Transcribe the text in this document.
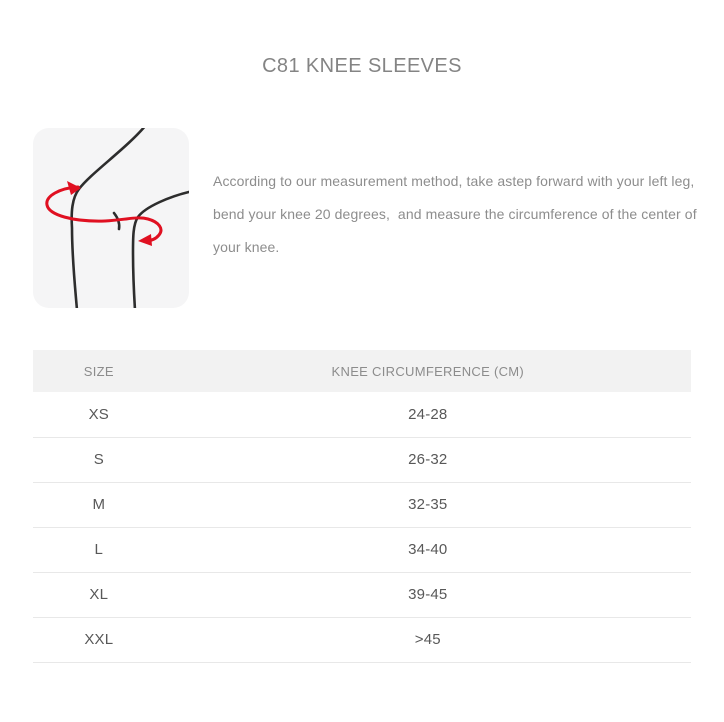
C81 KNEE SLEEVES
According to our measurement method, take astep forward with your left leg,
bend your knee 20 degrees,  and measure the circumference of the center of
your knee.
SIZE	KNEE CIRCUMFERENCE (CM)
XS	24-28
S	26-32
M	32-35
L	34-40
XL	39-45
XXL	>45
